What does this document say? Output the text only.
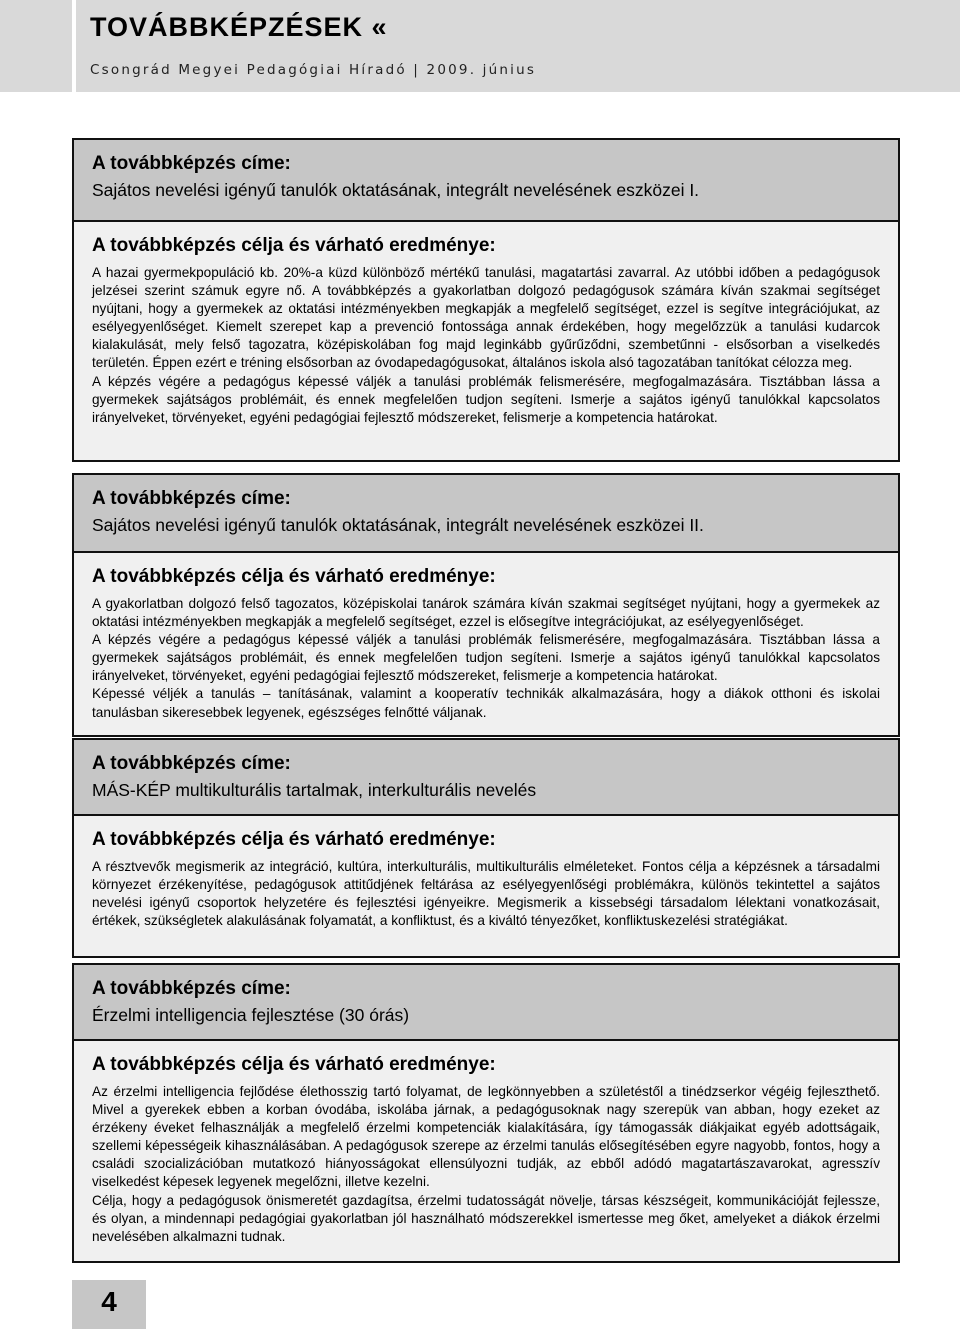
TOVÁBBKÉPZÉSEK «
Csongrád Megyei Pedagógiai Híradó | 2009. június
A továbbképzés címe:
Sajátos nevelési igényű tanulók oktatásának, integrált nevelésének eszközei I.
A továbbképzés célja és várható eredménye:

A hazai gyermekpopuláció kb. 20%-a küzd különböző mértékű tanulási, magatartási zavarral. Az utóbbi időben a pedagógusok jelzései szerint számuk egyre nő. A továbbképzés a gyakorlatban dolgozó pedagógusok számára kíván szakmai segítséget nyújtani, hogy a gyermekek az oktatási intézményekben megkapják a megfelelő segítséget, ezzel is segítve integrációjukat, az esélyegyenlőséget. Kiemelt szerepet kap a prevenció fontossága annak érdekében, hogy megelőzzük a tanulási kudarcok kialakulását, mely felső tagozatra, középiskolában fog majd leginkább gyűrűződni, szembetűnni - elsősorban a viselkedés területén. Éppen ezért e tréning elsősorban az óvodapedagógusokat, általános iskola alsó tagozatában tanítókat célozza meg.

A képzés végére a pedagógus képessé váljék a tanulási problémák felismerésére, megfogalmazására. Tisztábban lássa a gyermekek sajátságos problémáit, és ennek megfelelően tudjon segíteni. Ismerje a sajátos igényű tanulókkal kapcsolatos irányelveket, törvényeket, egyéni pedagógiai fejlesztő módszereket, felismerje a kompetencia határokat.

A továbbképzés címe:
Sajátos nevelési igényű tanulók oktatásának, integrált nevelésének eszközei II.
A továbbképzés célja és várható eredménye:

A gyakorlatban dolgozó felső tagozatos, középiskolai tanárok számára kíván szakmai segítséget nyújtani, hogy a gyermekek az oktatási intézményekben megkapják a megfelelő segítséget, ezzel is elősegítve integrációjukat, az esélyegyenlőséget.

A képzés végére a pedagógus képessé váljék a tanulási problémák felismerésére, megfogalmazására. Tisztábban lássa a gyermekek sajátságos problémáit, és ennek megfelelően tudjon segíteni. Ismerje a sajátos igényű tanulókkal kapcsolatos irányelveket, törvényeket, egyéni pedagógiai fejlesztő módszereket, felismerje a kompetencia határokat.

Képessé véljék a tanulás – tanításának, valamint a kooperatív technikák alkalmazására, hogy a diákok otthoni és iskolai tanulásban sikeresebbek legyenek, egészséges felnőtté váljanak.

A továbbképzés címe:
MÁS-KÉP multikulturális tartalmak, interkulturális nevelés
A továbbképzés célja és várható eredménye:

A résztvevők megismerik az integráció, kultúra, interkulturális, multikulturális elméleteket. Fontos célja a képzésnek a társadalmi környezet érzékenyítése, pedagógusok attitűdjének feltárása az esélyegyenlőségi problémákra, különös tekintettel a sajátos nevelési igényű csoportok helyzetére és fejlesztési igényeikre. Megismerik a kissebségi társadalom lélektani vonatkozásait, értékek, szükségletek alakulásának folyamatát, a konfliktust, és a kiváltó tényezőket, konfliktuskezelési stratégiákat.

A továbbképzés címe:
Érzelmi intelligencia fejlesztése (30 órás)
A továbbképzés célja és várható eredménye:

Az érzelmi intelligencia fejlődése élethosszig tartó folyamat, de legkönnyebben a születéstől a tinédzserkor végéig fejleszthető. Mivel a gyerekek ebben a korban óvodába, iskolába járnak, a pedagógusoknak nagy szerepük van abban, hogy ezeket az érzékeny éveket felhasználják a megfelelő érzelmi kompetenciák kialakítására, így támogassák diákjaikat egyéb adottságaik, szellemi képességeik kihasználásában. A pedagógusok szerepe az érzelmi tanulás elősegítésében egyre nagyobb, fontos, hogy a családi szocializációban mutatkozó hiányosságokat ellensúlyozni tudják, az ebből adódó magatartászavarokat, agresszív viselkedést képesek legyenek megelőzni, illetve kezelni.

Célja, hogy a pedagógusok önismeretét gazdagítsa, érzelmi tudatosságát növelje, társas készségeit, kommunikációját fejlessze, és olyan, a mindennapi pedagógiai gyakorlatban jól használható módszerekkel ismertesse meg őket, amelyeket a diákok érzelmi nevelésében alkalmazni tudnak.

4
